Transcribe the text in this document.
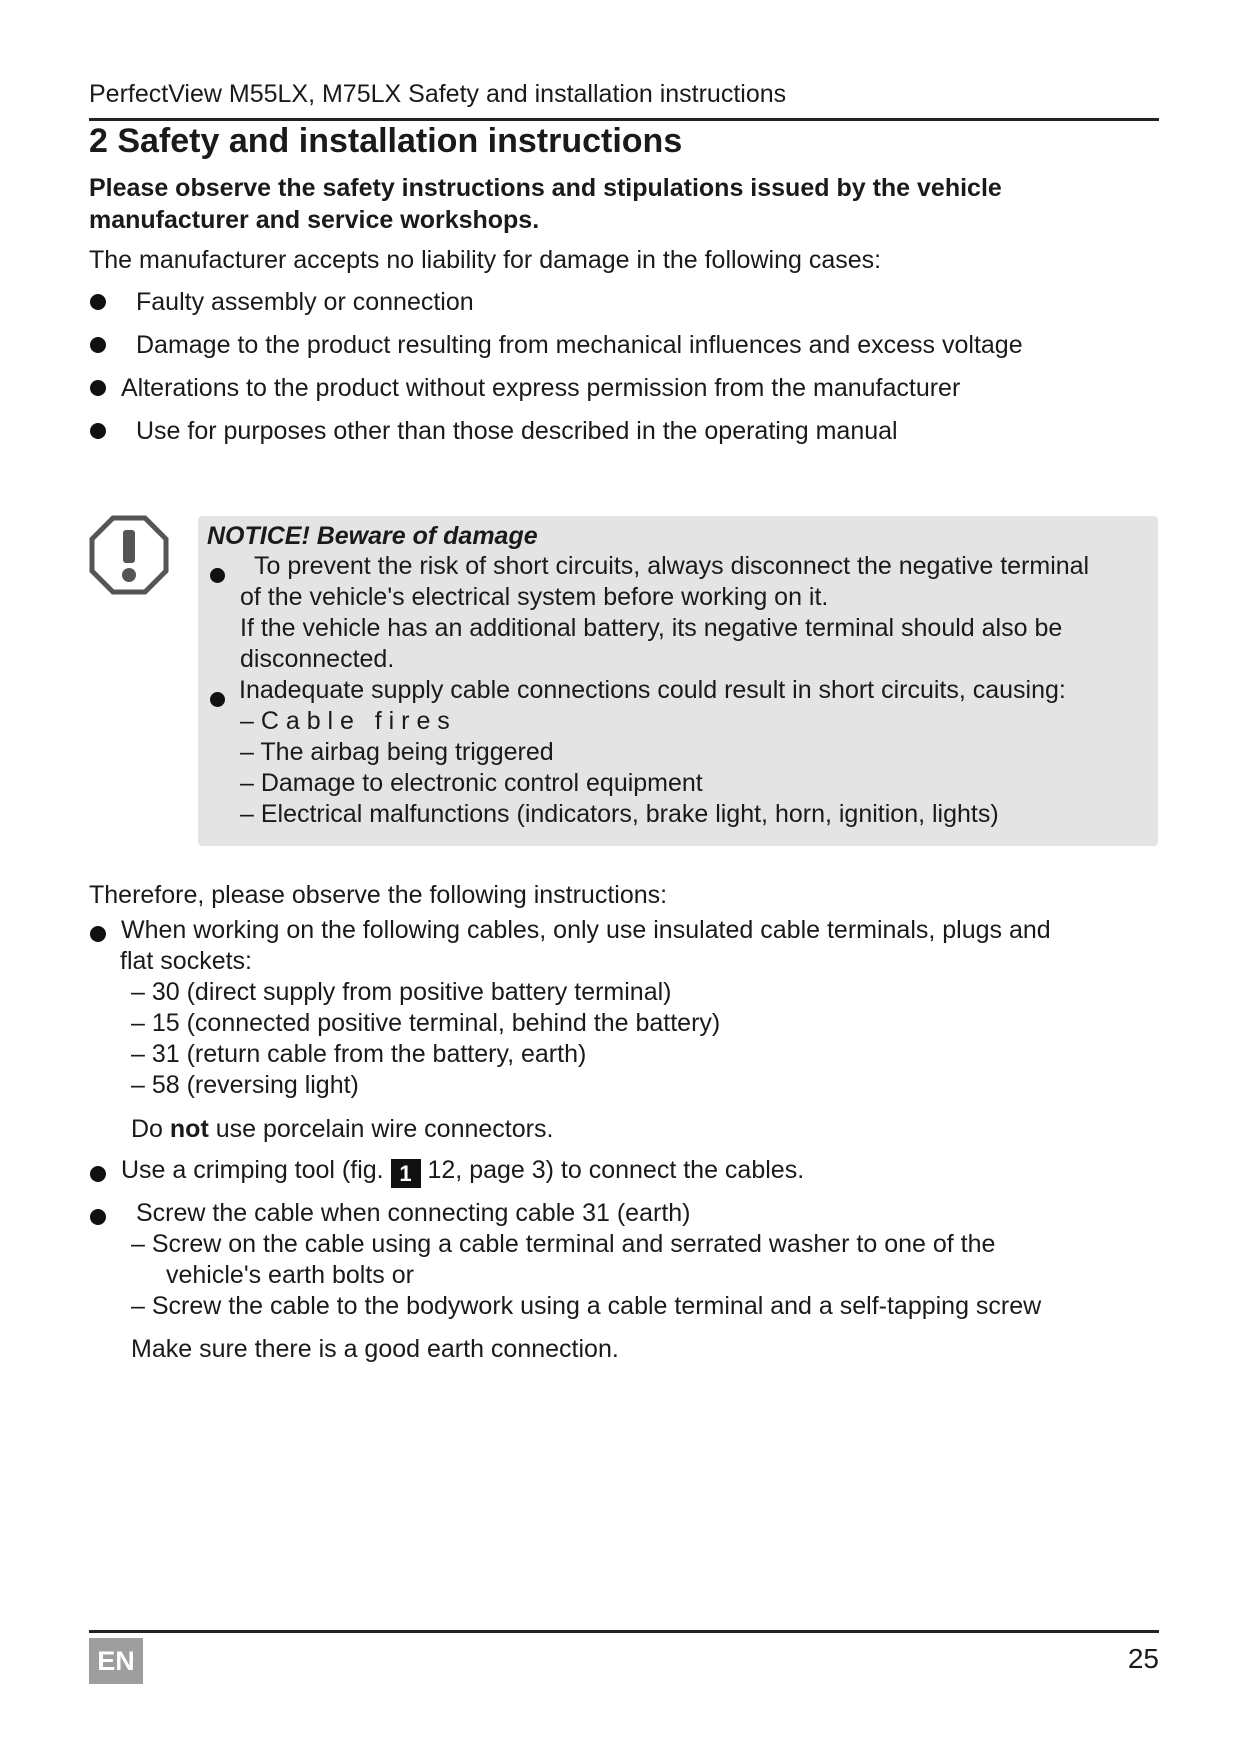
PerfectView M55LX, M75LX Safety and installation instructions
2 Safety and installation instructions
Please observe the safety instructions and stipulations issued by the vehicle manufacturer and service workshops.
The manufacturer accepts no liability for damage in the following cases:
Faulty assembly or connection
Damage to the product resulting from mechanical influences and excess voltage
Alterations to the product without express permission from the manufacturer
Use for purposes other than those described in the operating manual
NOTICE! Beware of damage
To prevent the risk of short circuits, always disconnect the negative terminal
of the vehicle's electrical system before working on it.
If the vehicle has an additional battery, its negative terminal should also be
disconnected.
Inadequate supply cable connections could result in short circuits, causing:
– C a b l e   f i r e s
– The airbag being triggered
– Damage to electronic control equipment
– Electrical malfunctions (indicators, brake light, horn, ignition, lights)
Therefore, please observe the following instructions:
When working on the following cables, only use insulated cable terminals, plugs and
flat sockets:
– 30 (direct supply from positive battery terminal)
– 15 (connected positive terminal, behind the battery)
– 31 (return cable from the battery, earth)
– 58 (reversing light)
Do not use porcelain wire connectors.
Use a crimping tool (fig. 1 12, page 3) to connect the cables.
Screw the cable when connecting cable 31 (earth)
– Screw on the cable using a cable terminal and serrated washer to one of the
vehicle's earth bolts or
– Screw the cable to the bodywork using a cable terminal and a self-tapping screw
Make sure there is a good earth connection.
EN	25
